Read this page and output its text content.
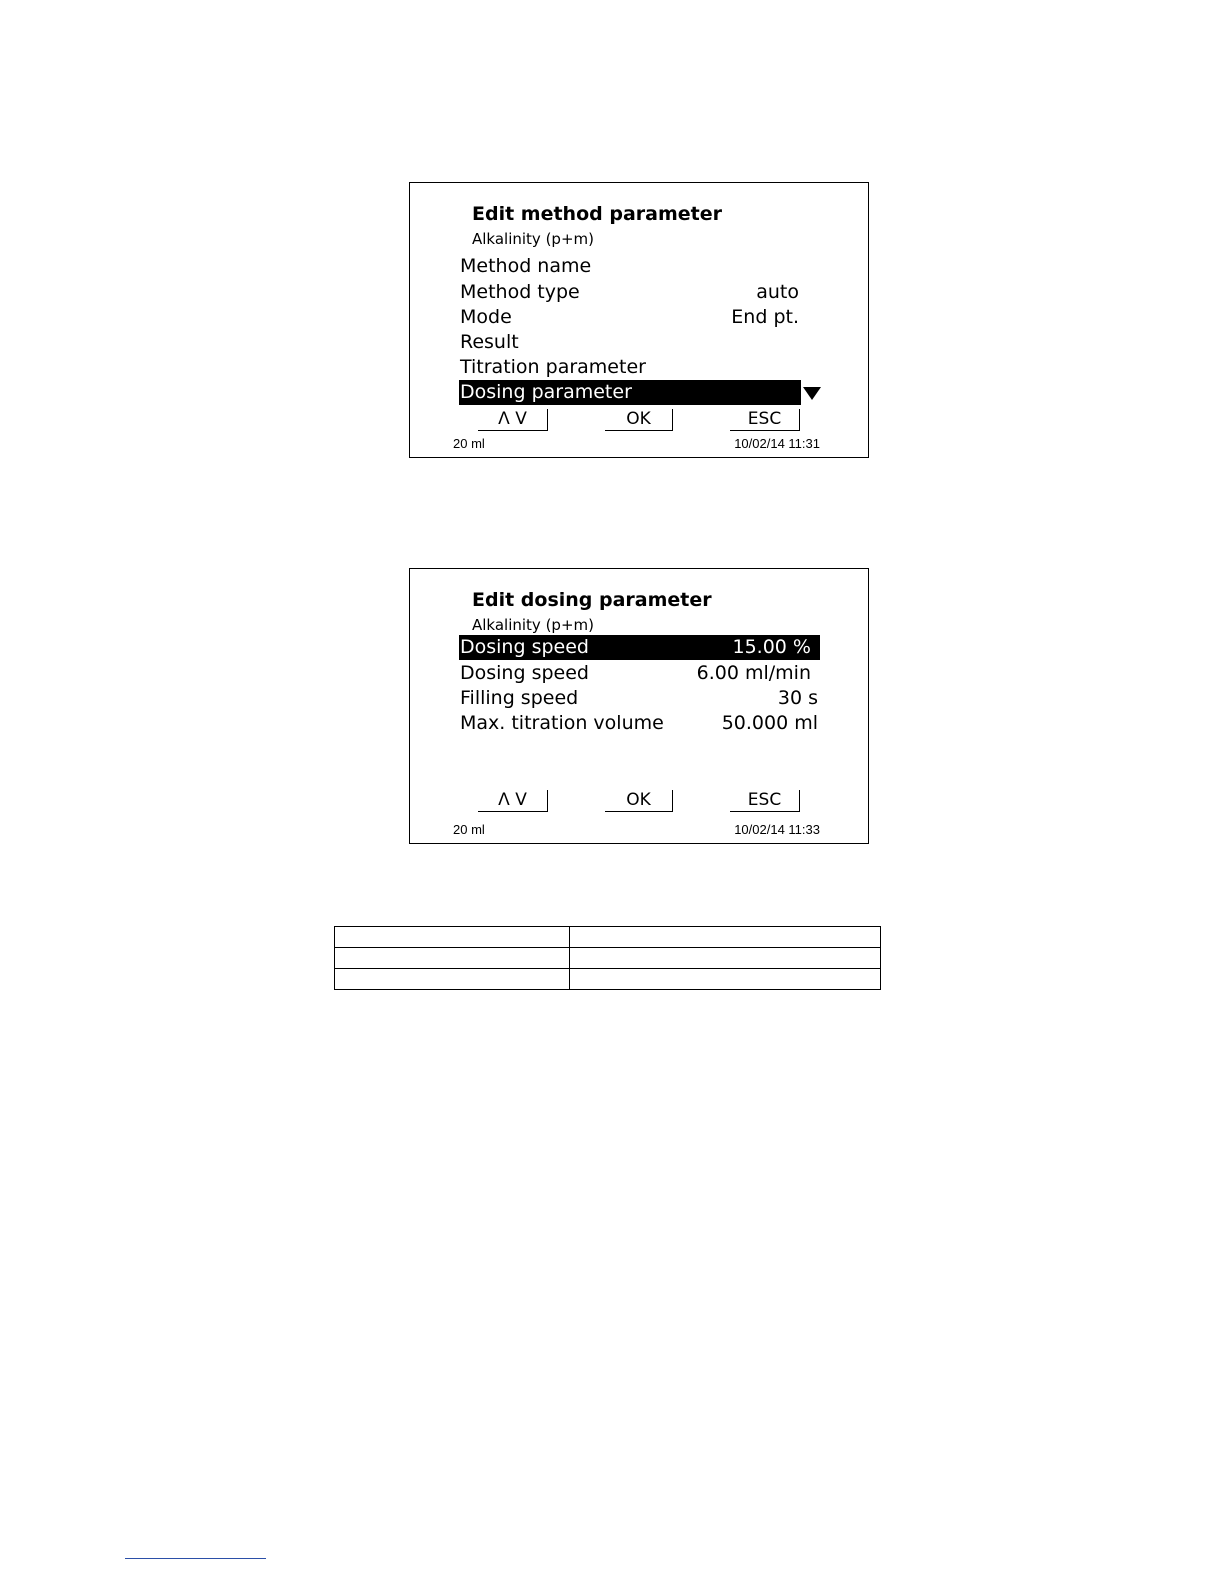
Edit method parameter
Alkalinity (p+m)
Method name
Method type	auto
Mode	End pt.
Result
Titration parameter
Dosing parameter
Λ V	OK	ESC
20 ml	10/02/14 11:31
Edit dosing parameter
Alkalinity (p+m)
Dosing speed	15.00 %
Dosing speed	6.00 ml/min
Filling speed	30 s
Max. titration volume	50.000 ml
Λ V	OK	ESC
20 ml	10/02/14 11:33
